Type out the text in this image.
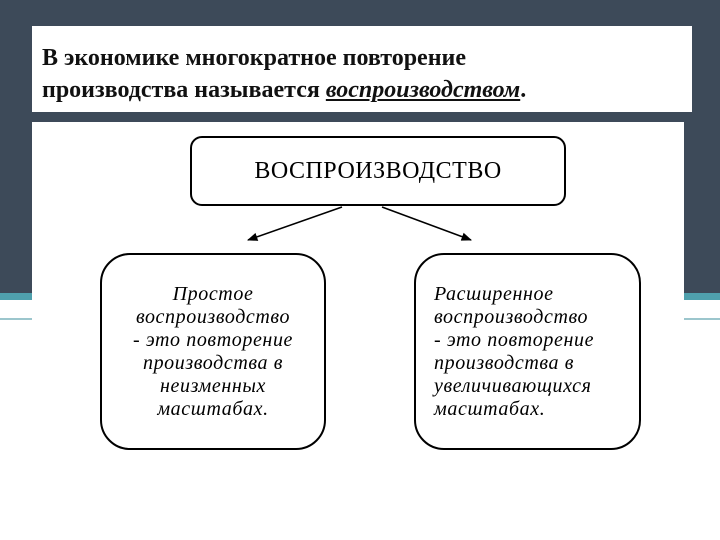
В экономике многократное повторение
производства называется воспроизводством.
ВОСПРОИЗВОДСТВО
Простое
воспроизводство
- это повторение
производства в
неизменных
масштабах.
Расширенное
воспроизводство
- это повторение
производства в
увеличивающихся
масштабах.
